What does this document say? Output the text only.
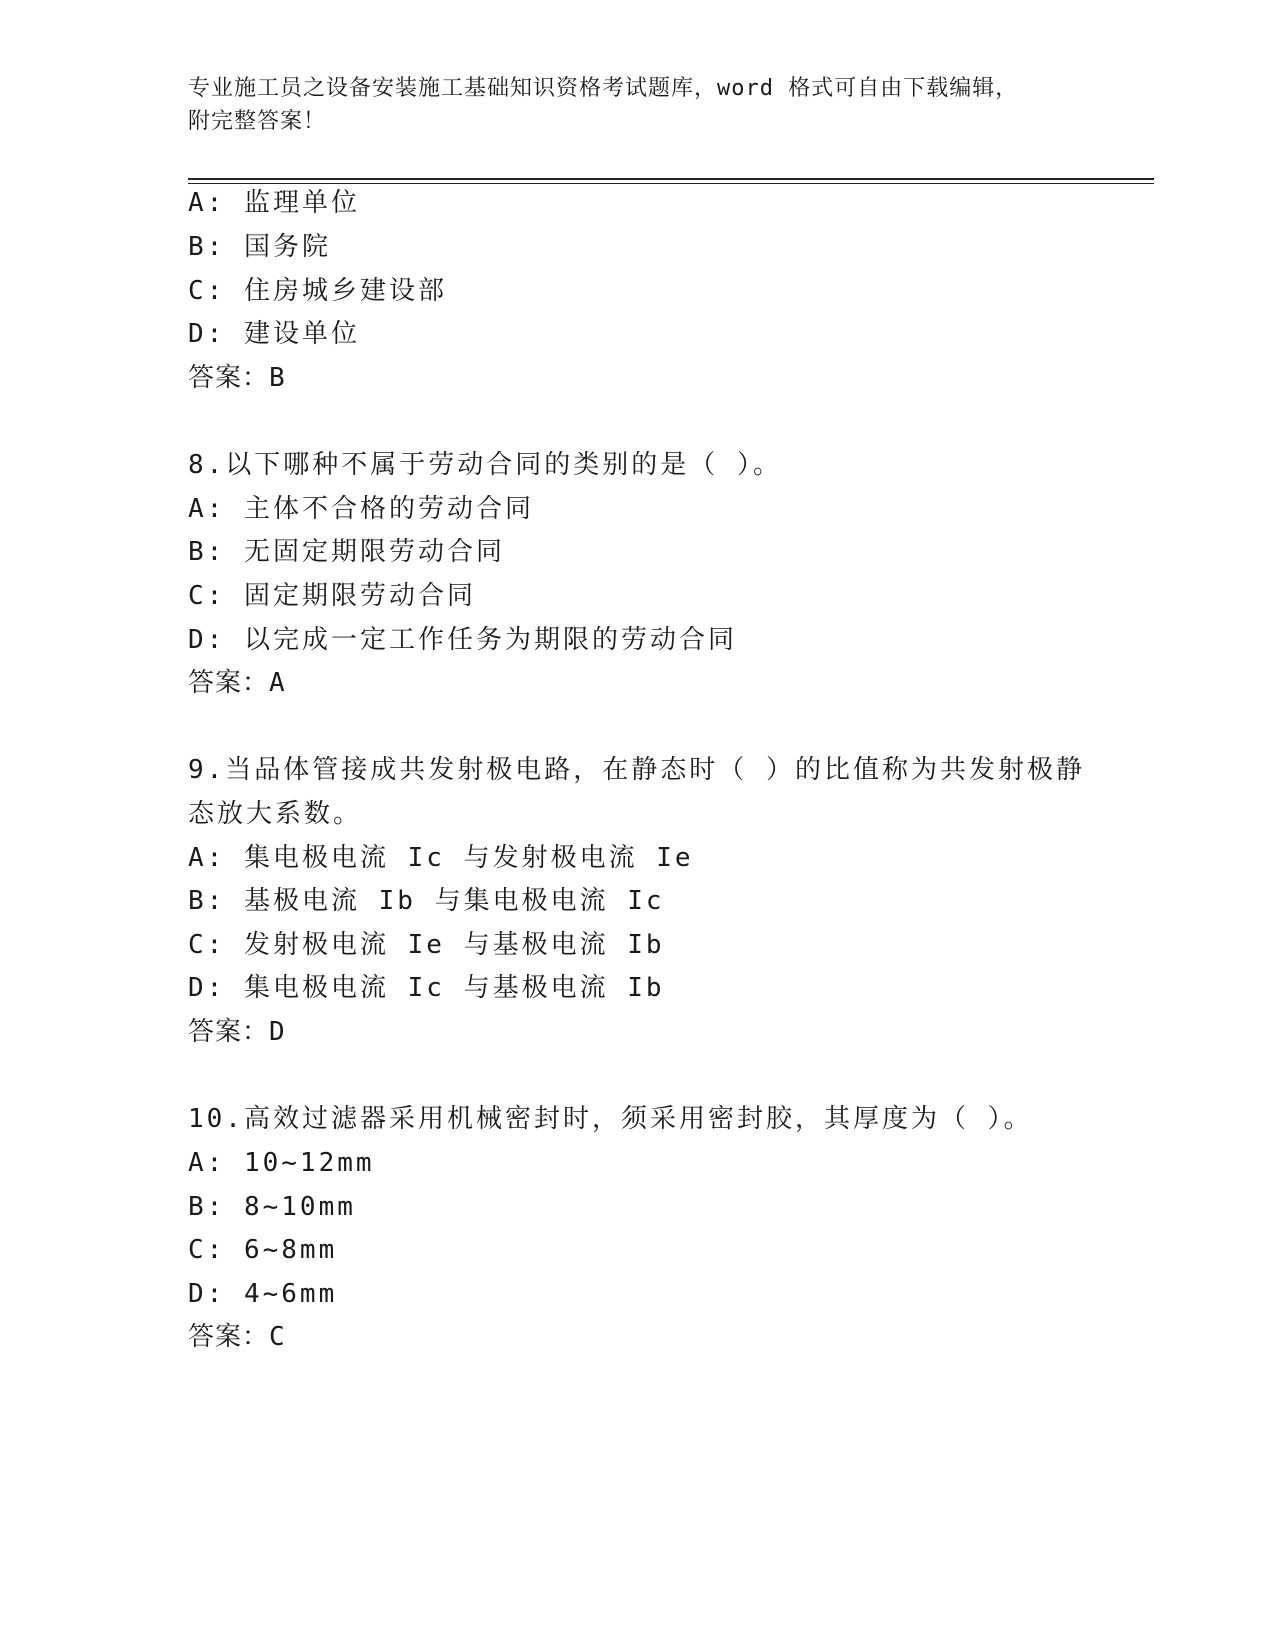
专业施工员之设备安装施工基础知识资格考试题库，word 格式可自由下载编辑，
附完整答案！
A: 监理单位
B: 国务院
C: 住房城乡建设部
D: 建设单位
答案：B
8.以下哪种不属于劳动合同的类别的是（ ）。
A: 主体不合格的劳动合同
B: 无固定期限劳动合同
C: 固定期限劳动合同
D: 以完成一定工作任务为期限的劳动合同
答案：A
9.当品体管接成共发射极电路，在静态时（ ）的比值称为共发射极静
态放大系数。
A: 集电极电流 Ic 与发射极电流 Ie
B: 基极电流 Ib 与集电极电流 Ic
C: 发射极电流 Ie 与基极电流 Ib
D: 集电极电流 Ic 与基极电流 Ib
答案：D
10.高效过滤器采用机械密封时，须采用密封胶，其厚度为（ ）。
A: 10~12mm
B: 8~10mm
C: 6~8mm
D: 4~6mm
答案：C
